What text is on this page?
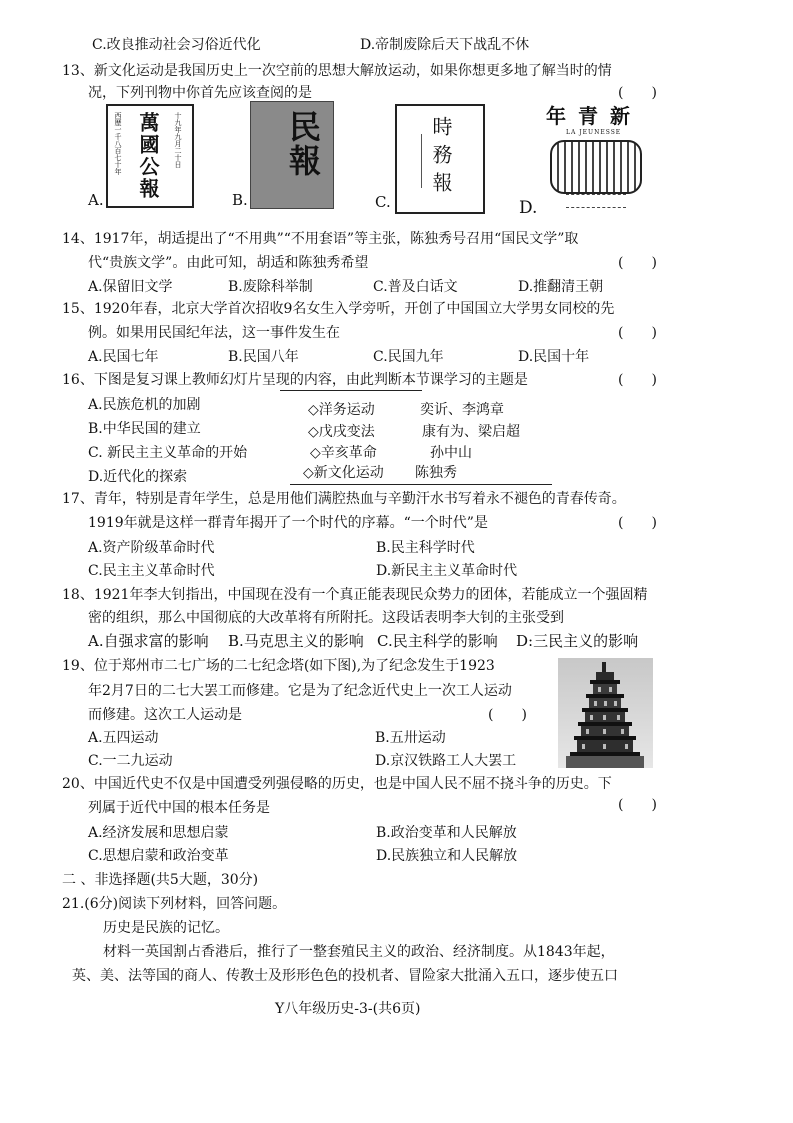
C.改良推动社会习俗近代化	D.帝制废除后天下战乱不休
13、新文化运动是我国历史上一次空前的思想大解放运动，如果你想更多地了解当时的情
况，下列刊物中你首先应该查阅的是	(　　)
西歷一千八百七十年 萬國公報 十九年九月二十日
A.
民報
B.	時務報
C.
新青年
LA JEUNESSE
D.
14、1917年，胡适提出了“不用典”“不用套语”等主张，陈独秀号召用“国民文学”取
代“贵族文学”。由此可知，胡适和陈独秀希望	(　　)
A.保留旧文学	B.废除科举制	C.普及白话文	D.推翻清王朝
15、1920年春，北京大学首次招收9名女生入学旁听，开创了中国国立大学男女同校的先
例。如果用民国纪年法，这一事件发生在	(　　)
A.民国七年	B.民国八年	C.民国九年	D.民国十年
16、下图是复习课上教师幻灯片呈现的内容，由此判断本节课学习的主题是	(　　)
A.民族危机的加剧
B.中华民国的建立
C. 新民主主义革命的开始
D.近代化的探索
◇洋务运动	奕䜣、李鸿章
◇戊戌变法	康有为、梁启超
◇辛亥革命	孙中山
◇新文化运动 陈独秀
17、青年，特别是青年学生，总是用他们满腔热血与辛勤汗水书写着永不褪色的青春传奇。
1919年就是这样一群青年揭开了一个时代的序幕。“一个时代”是	(　　)
A.资产阶级革命时代	B.民主科学时代
C.民主主义革命时代	D.新民主主义革命时代
18、1921年李大钊指出，中国现在没有一个真正能表现民众势力的团体，若能成立一个强固精
密的组织，那么中国彻底的大改革将有所附托。这段话表明李大钊的主张受到
A.自强求富的影响 B.马克思主义的影响 C.民主科学的影响 D:三民主义的影响
19、位于郑州市二七广场的二七纪念塔(如下图),为了纪念发生于1923
年2月7日的二七大罢工而修建。它是为了纪念近代史上一次工人运动
而修建。这次工人运动是	(　　)
A.五四运动	B.五卅运动
C.一二九运动	D.京汉铁路工人大罢工
20、中国近代史不仅是中国遭受列强侵略的历史，也是中国人民不屈不挠斗争的历史。下
列属于近代中国的根本任务是	(　　)
A.经济发展和思想启蒙	B.政治变革和人民解放
C.思想启蒙和政治变革	D.民族独立和人民解放
二 、非选择题(共5大题，30分)
21.(6分)阅读下列材料，回答问题。
历史是民族的记忆。
材料一英国割占香港后，推行了一整套殖民主义的政治、经济制度。从1843年起，
英、美、法等国的商人、传教士及形形色色的投机者、冒险家大批涌入五口，逐步使五口
Y八年级历史-3-(共6页)
